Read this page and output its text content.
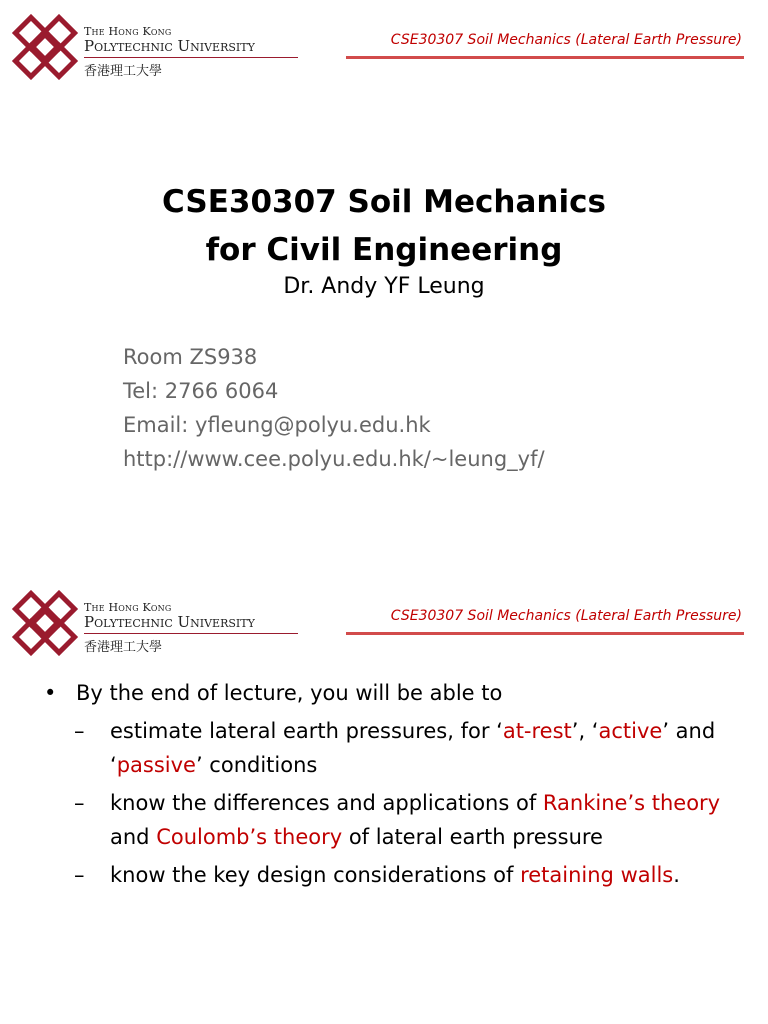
The Hong Kong
Polytechnic University
香港理工大學
CSE30307 Soil Mechanics (Lateral Earth Pressure)
CSE30307 Soil Mechanics
for Civil Engineering
Dr. Andy YF Leung
Room ZS938
Tel: 2766 6064
Email: yfleung@polyu.edu.hk
http://www.cee.polyu.edu.hk/~leung_yf/
The Hong Kong
Polytechnic University
香港理工大學
CSE30307 Soil Mechanics (Lateral Earth Pressure)
• By the end of lecture, you will be able to
– estimate lateral earth pressures, for ‘at-rest’, ‘active’ and ‘passive’ conditions
– know the differences and applications of Rankine’s theory and Coulomb’s theory of lateral earth pressure
– know the key design considerations of retaining walls.
